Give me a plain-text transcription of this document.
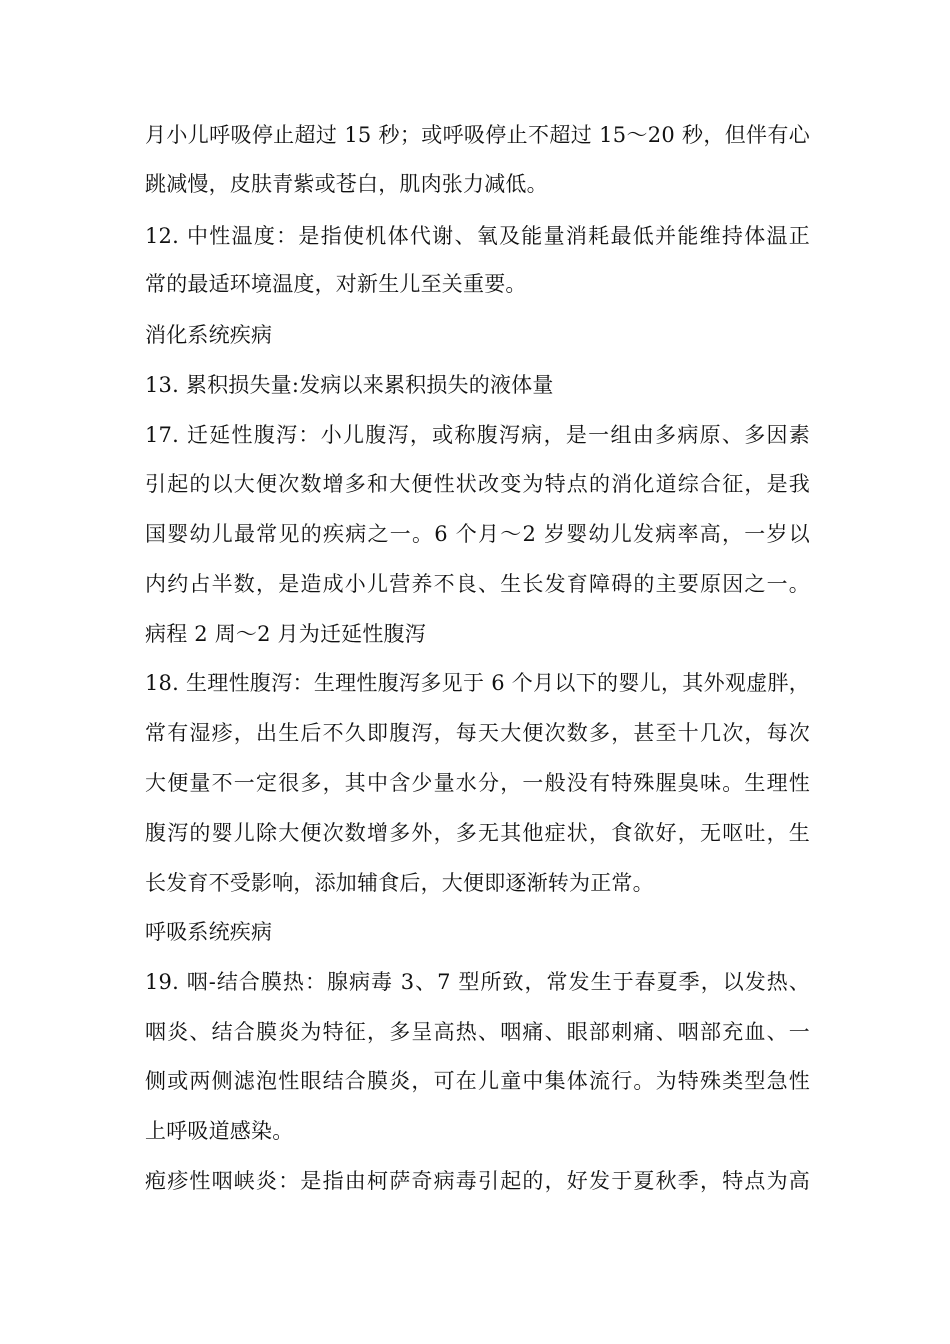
月小儿呼吸停止超过 15 秒；或呼吸停止不超过 15～20 秒，但伴有心
跳减慢，皮肤青紫或苍白，肌肉张力减低。
12. 中性温度：是指使机体代谢、氧及能量消耗最低并能维持体温正
常的最适环境温度，对新生儿至关重要。
消化系统疾病
13. 累积损失量:发病以来累积损失的液体量
17. 迁延性腹泻：小儿腹泻，或称腹泻病，是一组由多病原、多因素
引起的以大便次数增多和大便性状改变为特点的消化道综合征，是我
国婴幼儿最常见的疾病之一。6 个月～2 岁婴幼儿发病率高，一岁以
内约占半数，是造成小儿营养不良、生长发育障碍的主要原因之一。
病程 2 周～2 月为迁延性腹泻
18. 生理性腹泻：生理性腹泻多见于 6 个月以下的婴儿，其外观虚胖，
常有湿疹，出生后不久即腹泻，每天大便次数多，甚至十几次，每次
大便量不一定很多，其中含少量水分，一般没有特殊腥臭味。生理性
腹泻的婴儿除大便次数增多外，多无其他症状，食欲好，无呕吐，生
长发育不受影响，添加辅食后，大便即逐渐转为正常。
呼吸系统疾病
19. 咽-结合膜热：腺病毒 3、7 型所致，常发生于春夏季，以发热、
咽炎、结合膜炎为特征，多呈高热、咽痛、眼部刺痛、咽部充血、一
侧或两侧滤泡性眼结合膜炎，可在儿童中集体流行。为特殊类型急性
上呼吸道感染。
疱疹性咽峡炎：是指由柯萨奇病毒引起的，好发于夏秋季，特点为高
